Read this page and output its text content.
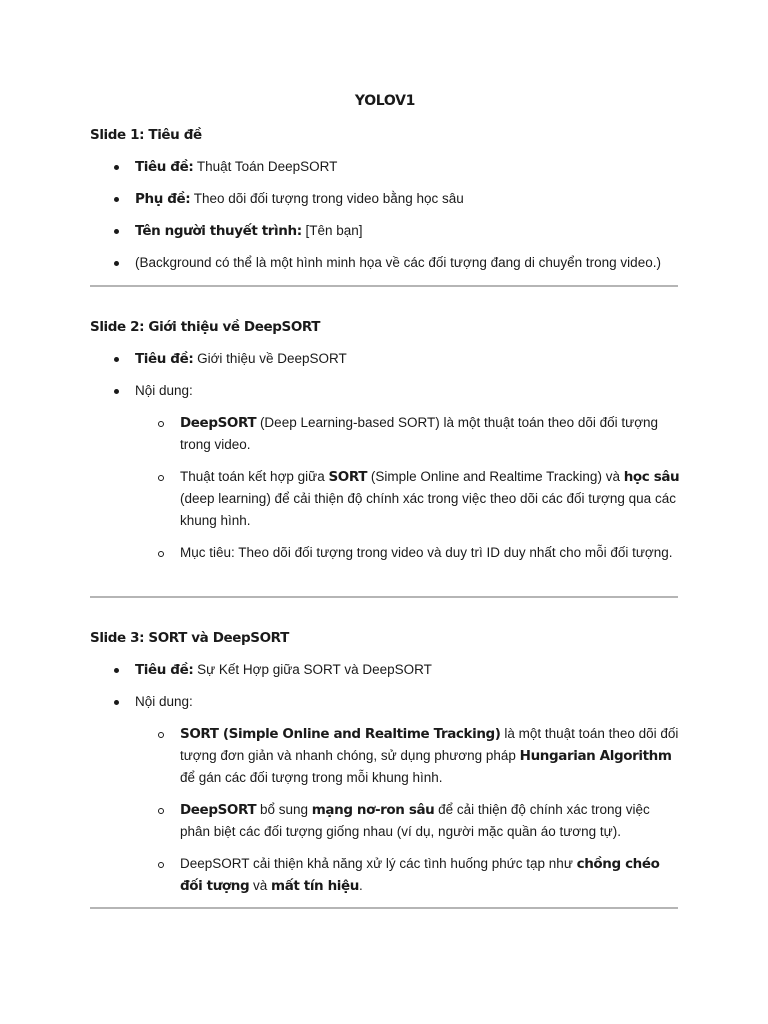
YOLOV1
Slide 1: Tiêu đề
Tiêu đề: Thuật Toán DeepSORT
Phụ đề: Theo dõi đối tượng trong video bằng học sâu
Tên người thuyết trình: [Tên bạn]
(Background có thể là một hình minh họa về các đối tượng đang di chuyển trong video.)
Slide 2: Giới thiệu về DeepSORT
Tiêu đề: Giới thiệu về DeepSORT
Nội dung:
DeepSORT (Deep Learning-based SORT) là một thuật toán theo dõi đối tượng trong video.
Thuật toán kết hợp giữa SORT (Simple Online and Realtime Tracking) và học sâu (deep learning) để cải thiện độ chính xác trong việc theo dõi các đối tượng qua các khung hình.
Mục tiêu: Theo dõi đối tượng trong video và duy trì ID duy nhất cho mỗi đối tượng.
Slide 3: SORT và DeepSORT
Tiêu đề: Sự Kết Hợp giữa SORT và DeepSORT
Nội dung:
SORT (Simple Online and Realtime Tracking) là một thuật toán theo dõi đối tượng đơn giản và nhanh chóng, sử dụng phương pháp Hungarian Algorithm để gán các đối tượng trong mỗi khung hình.
DeepSORT bổ sung mạng nơ-ron sâu để cải thiện độ chính xác trong việc phân biệt các đối tượng giống nhau (ví dụ, người mặc quần áo tương tự).
DeepSORT cải thiện khả năng xử lý các tình huống phức tạp như chồng chéo đối tượng và mất tín hiệu.
